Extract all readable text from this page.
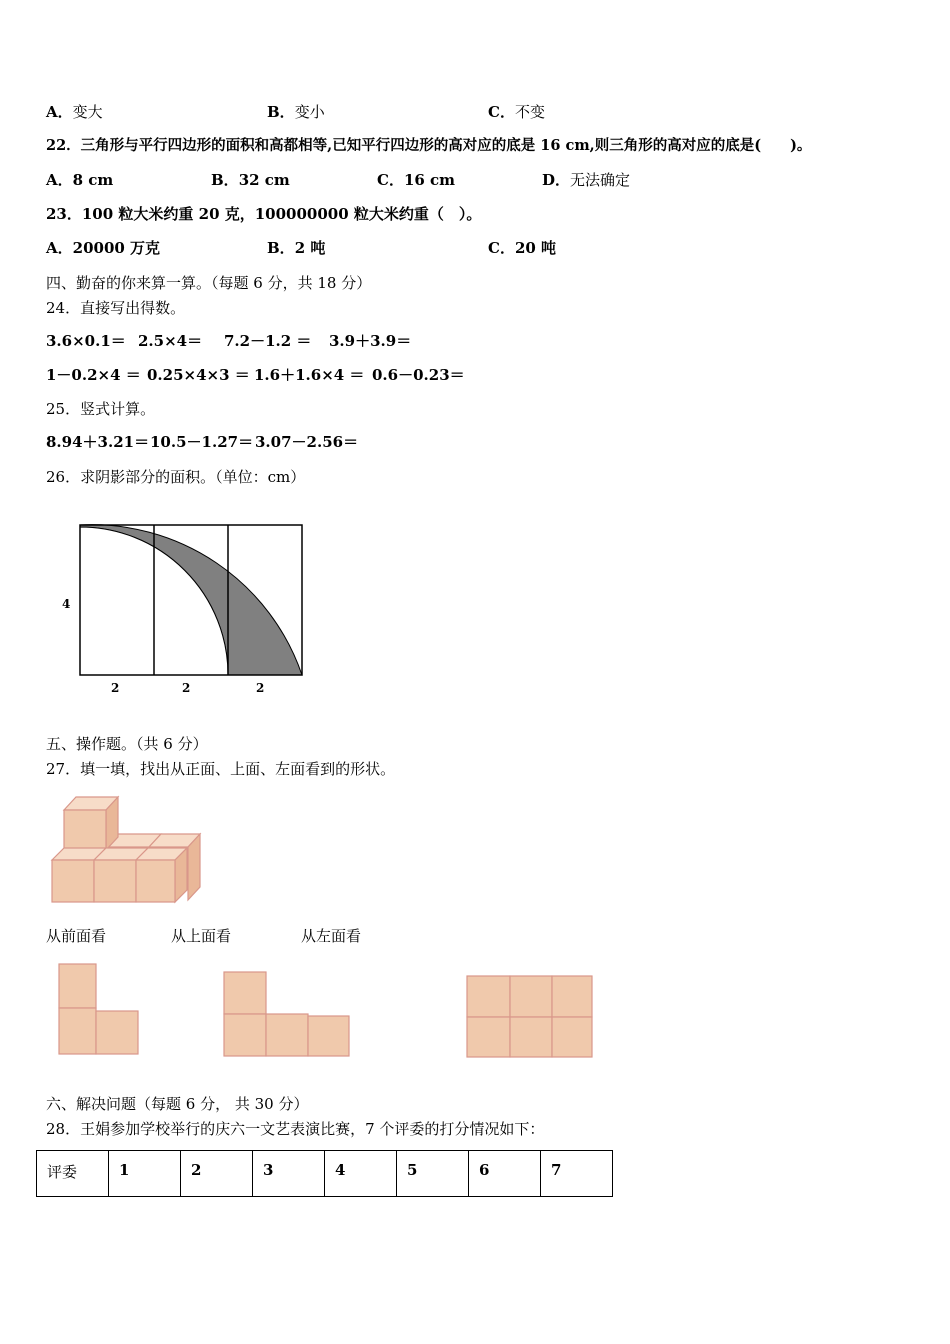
A．变大	B．变小	C．不变
22．三角形与平行四边形的面积和高都相等,已知平行四边形的高对应的底是 16 cm,则三角形的高对应的底是(　　)。
A．8 cm	B．32 cm	C．16 cm	D．无法确定
23．100 粒大米约重 20 克，100000000 粒大米约重（　）。
A．20000 万克	B．2 吨	C．20 吨
四、勤奋的你来算一算。（每题 6 分，共 18 分）
24．直接写出得数。
3.6×0.1＝ 2.5×4＝ 7.2－1.2 ＝ 3.9＋3.9＝
1－0.2×4 ＝ 0.25×4×3 ＝ 1.6＋1.6×4 ＝ 0.6－0.23＝
25．竖式计算。
8.94＋3.21＝ 10.5－1.27＝ 3.07－2.56＝
26．求阴影部分的面积。（单位：cm）
4
2	2	2
五、操作题。（共 6 分）
27．填一填，找出从正面、上面、左面看到的形状。
从前面看	从上面看	从左面看
六、解决问题（每题 6 分， 共 30 分）
28．王娟参加学校举行的庆六一文艺表演比赛，7 个评委的打分情况如下：
评委	1	2	3	4	5	6	7
